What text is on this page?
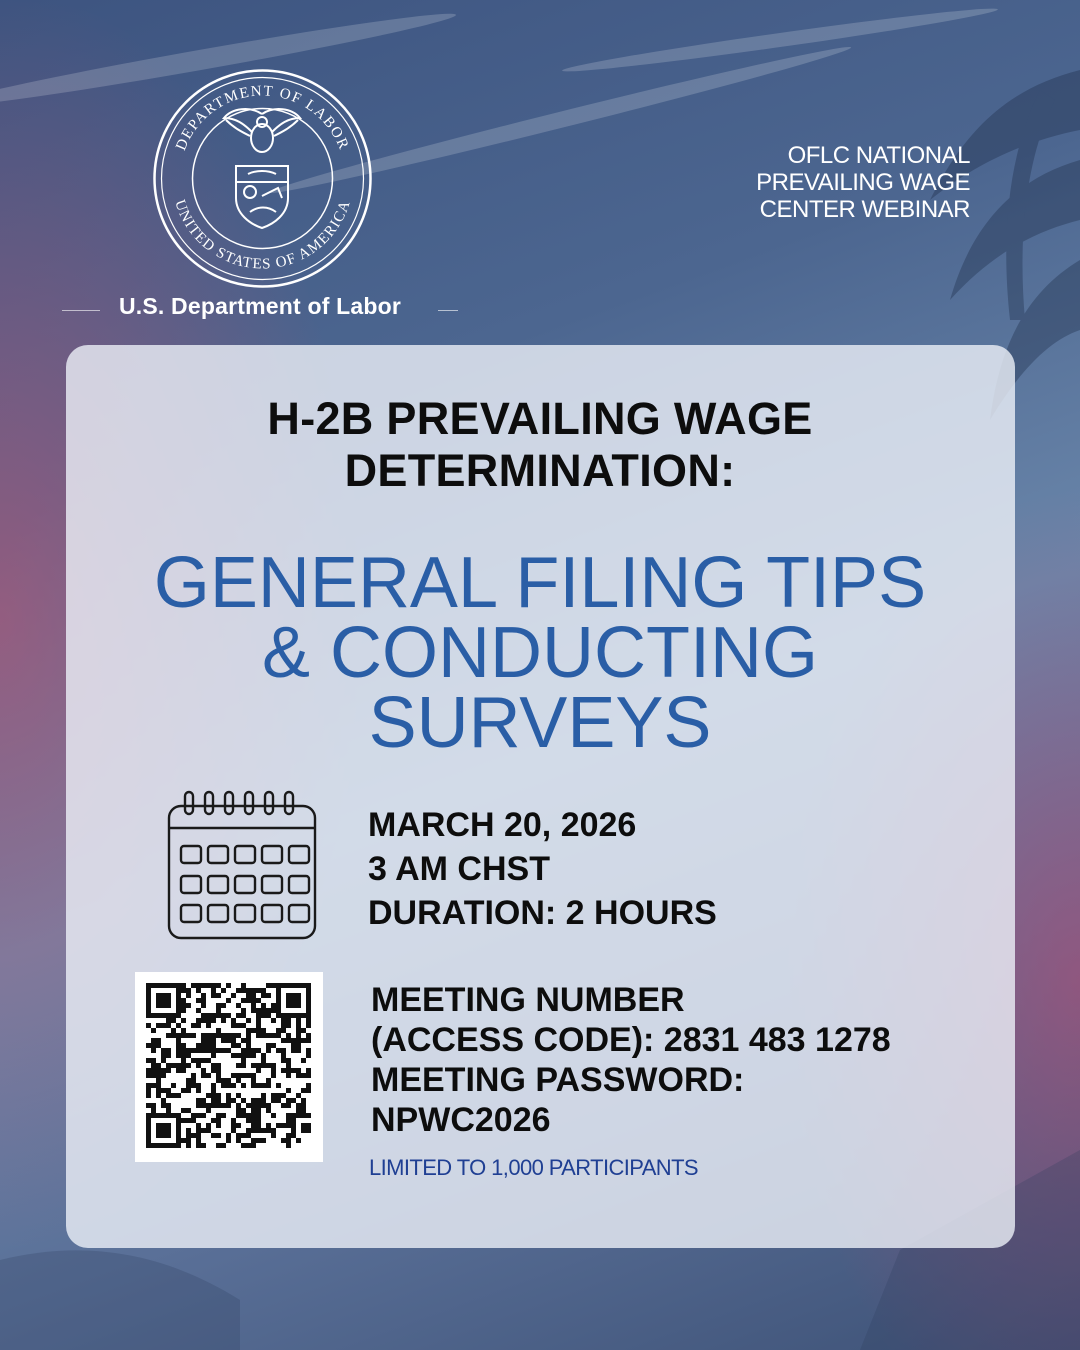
DEPARTMENT OF LABOR
UNITED STATES OF AMERICA
U.S. Department of Labor
OFLC NATIONAL
PREVAILING WAGE
CENTER WEBINAR
H-2B PREVAILING WAGE
DETERMINATION:
GENERAL FILING TIPS
& CONDUCTING
SURVEYS
MARCH 20, 2026
3 AM CHST
DURATION: 2 HOURS
MEETING NUMBER
(ACCESS CODE): 2831 483 1278
MEETING PASSWORD:
NPWC2026
LIMITED TO 1,000 PARTICIPANTS
